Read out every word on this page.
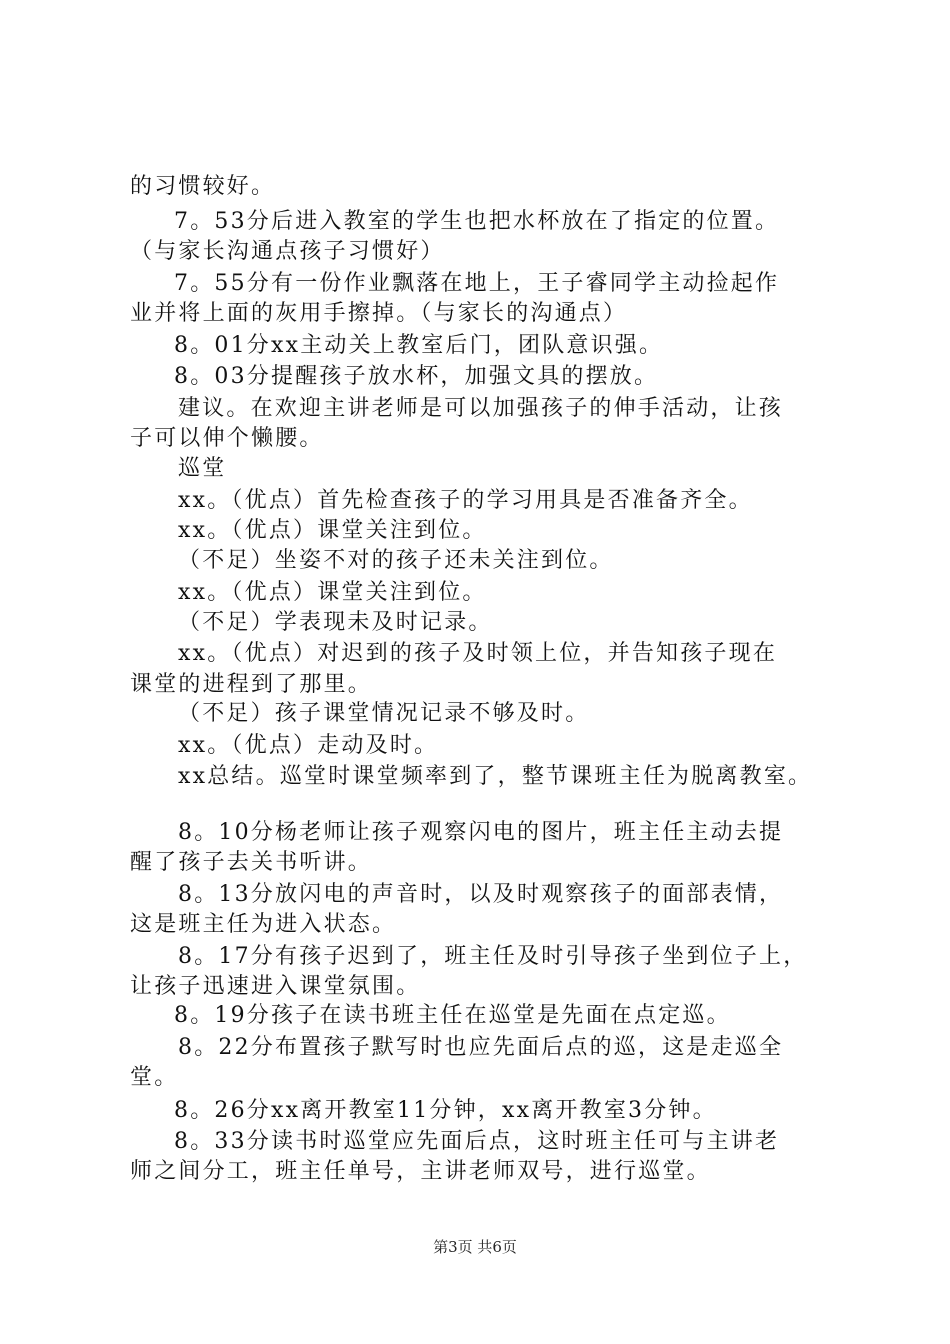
的习惯较好。
7。53分后进入教室的学生也把水杯放在了指定的位置。
（与家长沟通点孩子习惯好）
7。55分有一份作业飘落在地上，王子睿同学主动捡起作
业并将上面的灰用手擦掉。（与家长的沟通点）
8。01分xx主动关上教室后门，团队意识强。
8。03分提醒孩子放水杯，加强文具的摆放。
建议。在欢迎主讲老师是可以加强孩子的伸手活动，让孩
子可以伸个懒腰。
巡堂
xx。（优点）首先检查孩子的学习用具是否准备齐全。
xx。（优点）课堂关注到位。
（不足）坐姿不对的孩子还未关注到位。
xx。（优点）课堂关注到位。
（不足）学表现未及时记录。
xx。（优点）对迟到的孩子及时领上位，并告知孩子现在
课堂的进程到了那里。
（不足）孩子课堂情况记录不够及时。
xx。（优点）走动及时。
xx总结。巡堂时课堂频率到了，整节课班主任为脱离教室。
8。10分杨老师让孩子观察闪电的图片，班主任主动去提
醒了孩子去关书听讲。
8。13分放闪电的声音时，以及时观察孩子的面部表情，
这是班主任为进入状态。
8。17分有孩子迟到了，班主任及时引导孩子坐到位子上，
让孩子迅速进入课堂氛围。
8。19分孩子在读书班主任在巡堂是先面在点定巡。
8。22分布置孩子默写时也应先面后点的巡，这是走巡全
堂。
8。26分xx离开教室11分钟，xx离开教室3分钟。
8。33分读书时巡堂应先面后点，这时班主任可与主讲老
师之间分工，班主任单号，主讲老师双号，进行巡堂。
第3页 共6页
